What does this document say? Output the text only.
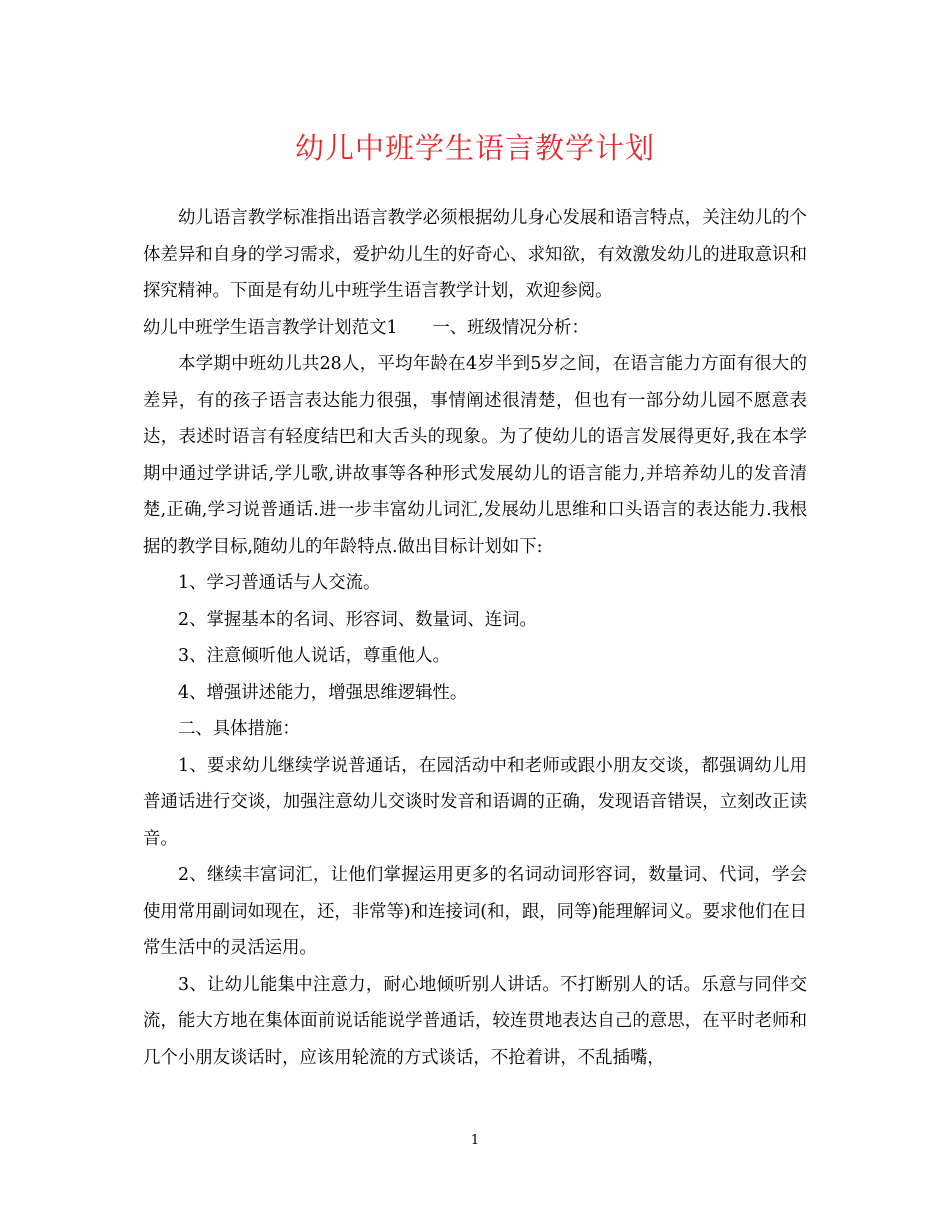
幼儿中班学生语言教学计划

幼儿语言教学标准指出语言教学必须根据幼儿身心发展和语言特点，关注幼儿的个体差异和自身的学习需求，爱护幼儿生的好奇心、求知欲，有效激发幼儿的进取意识和探究精神。下面是有幼儿中班学生语言教学计划，欢迎参阅。

幼儿中班学生语言教学计划范文1　　一、班级情况分析：

本学期中班幼儿共28人，平均年龄在4岁半到5岁之间，在语言能力方面有很大的差异，有的孩子语言表达能力很强，事情阐述很清楚，但也有一部分幼儿园不愿意表达，表述时语言有轻度结巴和大舌头的现象。为了使幼儿的语言发展得更好,我在本学期中通过学讲话,学儿歌,讲故事等各种形式发展幼儿的语言能力,并培养幼儿的发音清楚,正确,学习说普通话.进一步丰富幼儿词汇,发展幼儿思维和口头语言的表达能力.我根据的教学目标,随幼儿的年龄特点.做出目标计划如下:

1、学习普通话与人交流。

2、掌握基本的名词、形容词、数量词、连词。

3、注意倾听他人说话，尊重他人。

4、增强讲述能力，增强思维逻辑性。

二、具体措施：

1、要求幼儿继续学说普通话，在园活动中和老师或跟小朋友交谈，都强调幼儿用普通话进行交谈，加强注意幼儿交谈时发音和语调的正确，发现语音错误，立刻改正读音。

2、继续丰富词汇，让他们掌握运用更多的名词动词形容词，数量词、代词，学会使用常用副词如现在，还，非常等)和连接词(和，跟，同等)能理解词义。要求他们在日常生活中的灵活运用。

3、让幼儿能集中注意力，耐心地倾听别人讲话。不打断别人的话。乐意与同伴交流，能大方地在集体面前说话能说学普通话，较连贯地表达自己的意思，在平时老师和几个小朋友谈话时，应该用轮流的方式谈话，不抢着讲，不乱插嘴，

1
